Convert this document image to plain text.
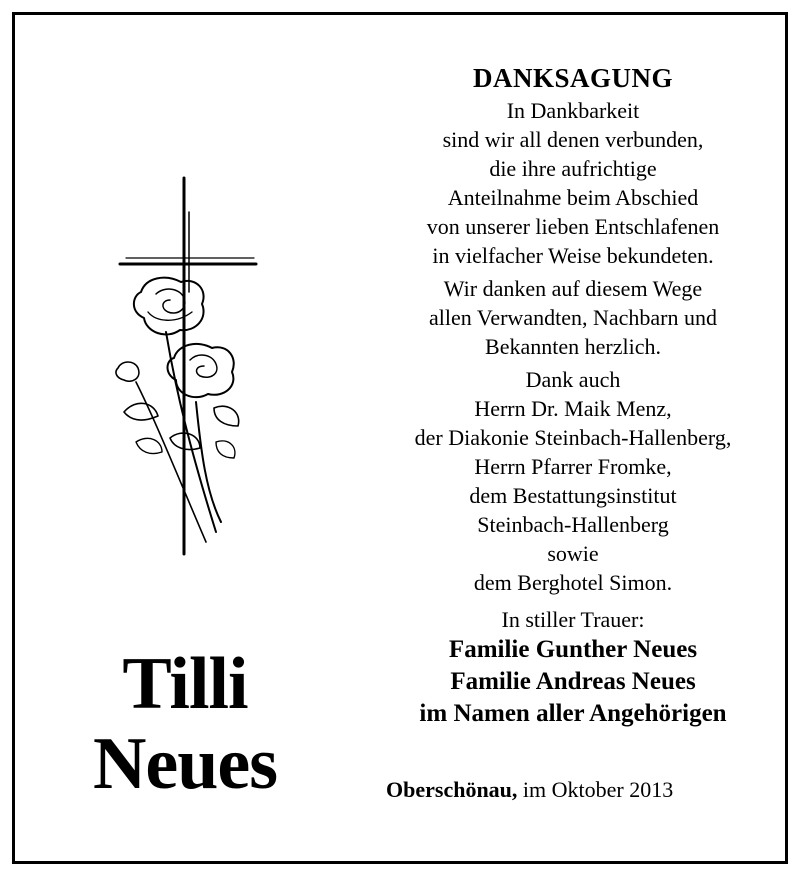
Tilli
Neues
DANKSAGUNG
In Dankbarkeit
sind wir all denen verbunden,
die ihre aufrichtige
Anteilnahme beim Abschied
von unserer lieben Entschlafenen
in vielfacher Weise bekundeten.
Wir danken auf diesem Wege
allen Verwandten, Nachbarn und
Bekannten herzlich.
Dank auch
Herrn Dr. Maik Menz,
der Diakonie Steinbach-Hallenberg,
Herrn Pfarrer Fromke,
dem Bestattungsinstitut
Steinbach-Hallenberg
sowie
dem Berghotel Simon.
In stiller Trauer:
Familie Gunther Neues
Familie Andreas Neues
im Namen aller Angehörigen
Oberschönau, im Oktober 2013
